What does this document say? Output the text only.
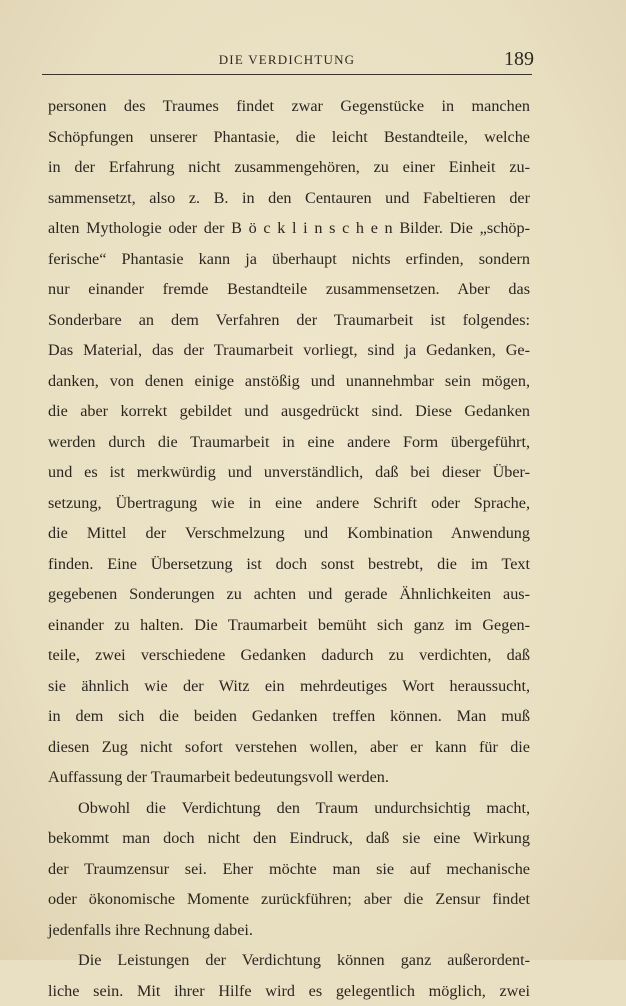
DIE VERDICHTUNG	189
personen des Traumes findet zwar Gegenstücke in manchen
Schöpfungen unserer Phantasie, die leicht Bestandteile, welche
in der Erfahrung nicht zusammengehören, zu einer Einheit zu-
sammensetzt, also z. B. in den Centauren und Fabeltieren der
alten Mythologie oder der B ö c k l i n s c h e n Bilder. Die „schöp-
ferische“ Phantasie kann ja überhaupt nichts erfinden, sondern
nur einander fremde Bestandteile zusammensetzen. Aber das
Sonderbare an dem Verfahren der Traumarbeit ist folgendes:
Das Material, das der Traumarbeit vorliegt, sind ja Gedanken, Ge-
danken, von denen einige anstößig und unannehmbar sein mögen,
die aber korrekt gebildet und ausgedrückt sind. Diese Gedanken
werden durch die Traumarbeit in eine andere Form übergeführt,
und es ist merkwürdig und unverständlich, daß bei dieser Über-
setzung, Übertragung wie in eine andere Schrift oder Sprache,
die Mittel der Verschmelzung und Kombination Anwendung
finden. Eine Übersetzung ist doch sonst bestrebt, die im Text
gegebenen Sonderungen zu achten und gerade Ähnlichkeiten aus-
einander zu halten. Die Traumarbeit bemüht sich ganz im Gegen-
teile, zwei verschiedene Gedanken dadurch zu verdichten, daß
sie ähnlich wie der Witz ein mehrdeutiges Wort heraussucht,
in dem sich die beiden Gedanken treffen können. Man muß
diesen Zug nicht sofort verstehen wollen, aber er kann für die
Auffassung der Traumarbeit bedeutungsvoll werden.
Obwohl die Verdichtung den Traum undurchsichtig macht,
bekommt man doch nicht den Eindruck, daß sie eine Wirkung
der Traumzensur sei. Eher möchte man sie auf mechanische
oder ökonomische Momente zurückführen; aber die Zensur findet
jedenfalls ihre Rechnung dabei.
Die Leistungen der Verdichtung können ganz außerordent-
liche sein. Mit ihrer Hilfe wird es gelegentlich möglich, zwei
